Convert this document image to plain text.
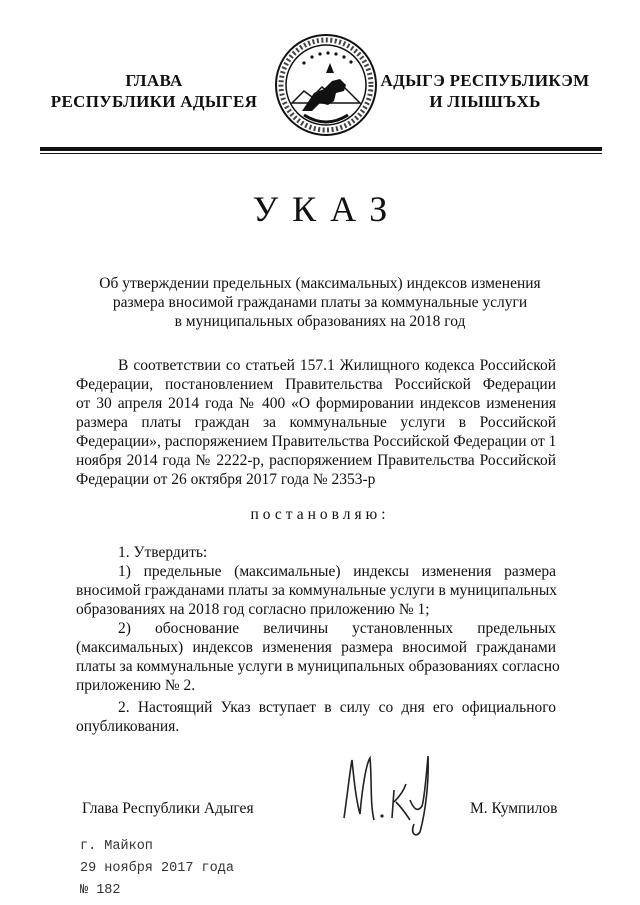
ГЛАВА
РЕСПУБЛИКИ АДЫГЕЯ
АДЫГЭ РЕСПУБЛИКЭМ
И ЛІЫШЪХЬ
УКАЗ
Об утверждении предельных (максимальных) индексов изменения
размера вносимой гражданами платы за коммунальные услуги
в муниципальных образованиях на 2018 год
В соответствии со статьей 157.1 Жилищного кодекса Российской
Федерации, постановлением Правительства Российской Федерации
от 30 апреля 2014 года № 400 «О формировании индексов изменения
размера платы граждан за коммунальные услуги в Российской
Федерации», распоряжением Правительства Российской Федерации от 1
ноября 2014 года № 2222-р, распоряжением Правительства Российской
Федерации от 26 октября 2017 года № 2353-р
постановляю:
1. Утвердить:
1) предельные (максимальные) индексы изменения размера
вносимой гражданами платы за коммунальные услуги в муниципальных
образованиях на 2018 год согласно приложению № 1;
2) обоснование величины установленных предельных
(максимальных) индексов изменения размера вносимой гражданами
платы за коммунальные услуги в муниципальных образованиях согласно
приложению № 2.
2. Настоящий Указ вступает в силу со дня его официального
опубликования.
Глава Республики Адыгея	М. Кумпилов
г. Майкоп
29 ноября 2017 года
№ 182
